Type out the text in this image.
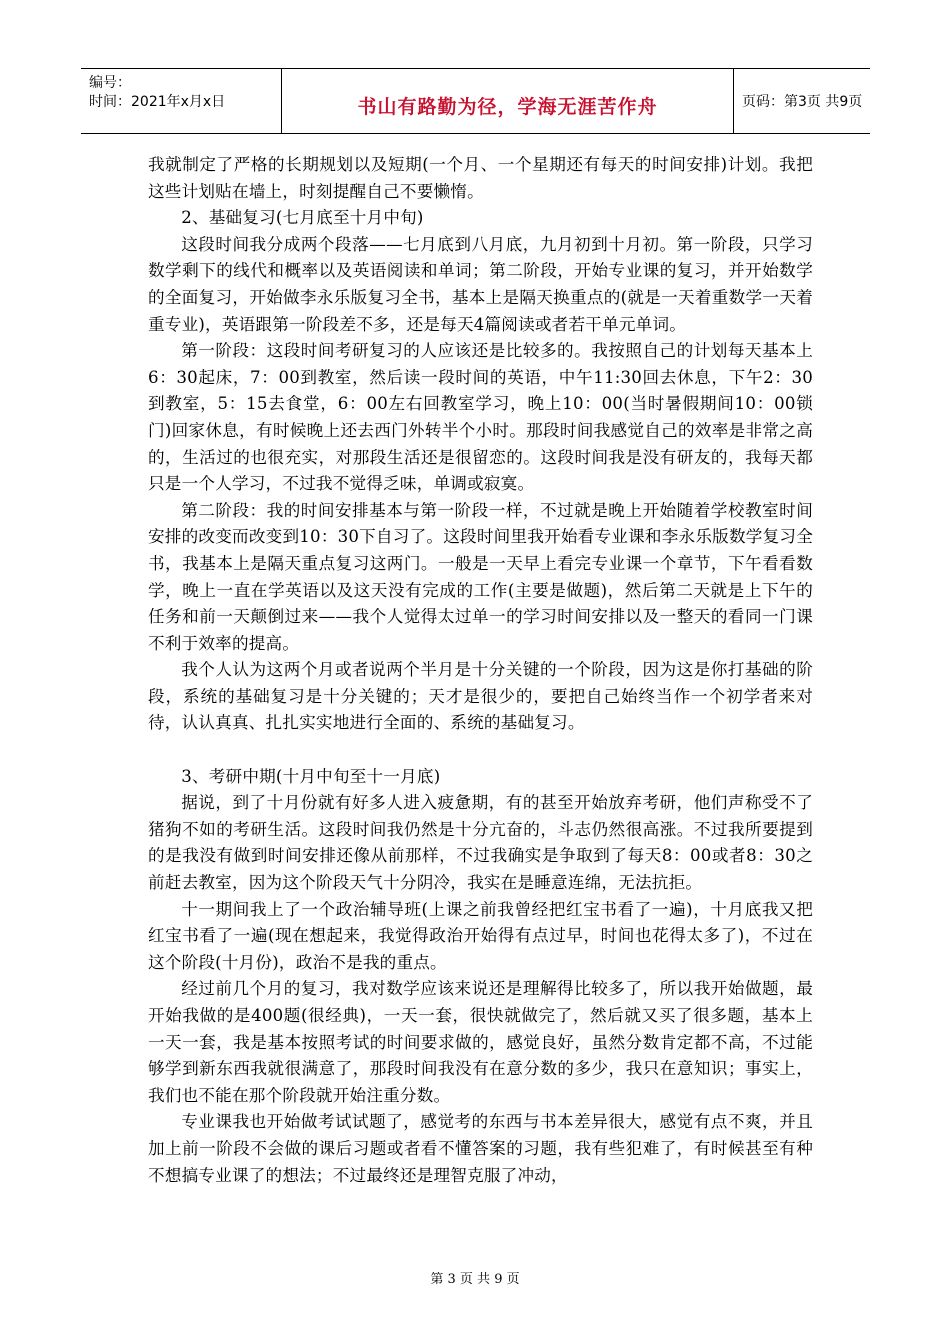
编号：
时间：2021年x月x日	书山有路勤为径，学海无涯苦作舟	页码：第3页 共9页

我就制定了严格的长期规划以及短期(一个月、一个星期还有每天的时间安排)计划。我把这些计划贴在墙上，时刻提醒自己不要懒惰。

2、基础复习(七月底至十月中旬)

这段时间我分成两个段落——七月底到八月底，九月初到十月初。第一阶段，只学习数学剩下的线代和概率以及英语阅读和单词；第二阶段，开始专业课的复习，并开始数学的全面复习，开始做李永乐版复习全书，基本上是隔天换重点的(就是一天着重数学一天着重专业)，英语跟第一阶段差不多，还是每天4篇阅读或者若干单元单词。

第一阶段：这段时间考研复习的人应该还是比较多的。我按照自己的计划每天基本上6：30起床，7：00到教室，然后读一段时间的英语，中午11:30回去休息，下午2：30到教室，5：15去食堂，6：00左右回教室学习，晚上10：00(当时暑假期间10：00锁门)回家休息，有时候晚上还去西门外转半个小时。那段时间我感觉自己的效率是非常之高的，生活过的也很充实，对那段生活还是很留恋的。这段时间我是没有研友的，我每天都只是一个人学习，不过我不觉得乏味，单调或寂寞。

第二阶段：我的时间安排基本与第一阶段一样，不过就是晚上开始随着学校教室时间安排的改变而改变到10：30下自习了。这段时间里我开始看专业课和李永乐版数学复习全书，我基本上是隔天重点复习这两门。一般是一天早上看完专业课一个章节，下午看看数学，晚上一直在学英语以及这天没有完成的工作(主要是做题)，然后第二天就是上下午的任务和前一天颠倒过来——我个人觉得太过单一的学习时间安排以及一整天的看同一门课不利于效率的提高。

我个人认为这两个月或者说两个半月是十分关键的一个阶段，因为这是你打基础的阶段，系统的基础复习是十分关键的；天才是很少的，要把自己始终当作一个初学者来对待，认认真真、扎扎实实地进行全面的、系统的基础复习。

3、考研中期(十月中旬至十一月底)

据说，到了十月份就有好多人进入疲惫期，有的甚至开始放弃考研，他们声称受不了猪狗不如的考研生活。这段时间我仍然是十分亢奋的，斗志仍然很高涨。不过我所要提到的是我没有做到时间安排还像从前那样，不过我确实是争取到了每天8：00或者8：30之前赶去教室，因为这个阶段天气十分阴冷，我实在是睡意连绵，无法抗拒。

十一期间我上了一个政治辅导班(上课之前我曾经把红宝书看了一遍)，十月底我又把红宝书看了一遍(现在想起来，我觉得政治开始得有点过早，时间也花得太多了)，不过在这个阶段(十月份)，政治不是我的重点。

经过前几个月的复习，我对数学应该来说还是理解得比较多了，所以我开始做题，最开始我做的是400题(很经典)，一天一套，很快就做完了，然后就又买了很多题，基本上一天一套，我是基本按照考试的时间要求做的，感觉良好，虽然分数肯定都不高，不过能够学到新东西我就很满意了，那段时间我没有在意分数的多少，我只在意知识；事实上，我们也不能在那个阶段就开始注重分数。

专业课我也开始做考试试题了，感觉考的东西与书本差异很大，感觉有点不爽，并且加上前一阶段不会做的课后习题或者看不懂答案的习题，我有些犯难了，有时候甚至有种不想搞专业课了的想法；不过最终还是理智克服了冲动，

第 3 页 共 9 页
